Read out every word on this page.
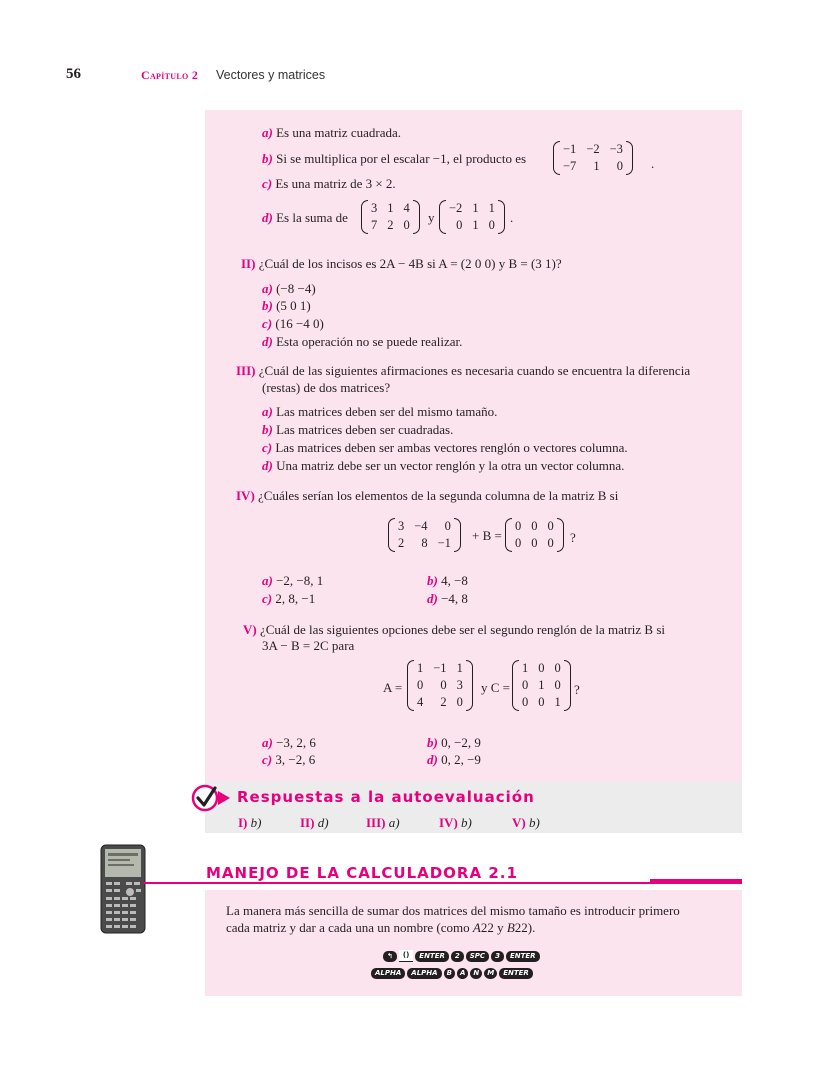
56	Capítulo 2 Vectores y matrices
a) Es una matriz cuadrada.
b) Si se multiplica por el escalar −1, el producto es
−1	−2	−3
−7	1	0 .
c) Es una matriz de 3 × 2.
d) Es la suma de
3	1	4
7	2	0 y
−2	1	1
0	1	0 .
II) ¿Cuál de los incisos es 2A − 4B si A = (2 0 0) y B = (3 1)?
a) (−8 −4)
b) (5 0 1)
c) (16 −4 0)
d) Esta operación no se puede realizar.
III) ¿Cuál de las siguientes afirmaciones es necesaria cuando se encuentra la diferencia
(restas) de dos matrices?
a) Las matrices deben ser del mismo tamaño.
b) Las matrices deben ser cuadradas.
c) Las matrices deben ser ambas vectores renglón o vectores columna.
d) Una matriz debe ser un vector renglón y la otra un vector columna.
IV) ¿Cuáles serían los elementos de la segunda columna de la matriz B si
3	−4	0
2	8	−1 + B =
0	0	0
0	0	0 ?
a) −2, −8, 1	b) 4, −8
c) 2, 8, −1	d) −4, 8
V) ¿Cuál de las siguientes opciones debe ser el segundo renglón de la matriz B si
3A − B = 2C para
A =
1	−1	1
0	0	3
4	2	0
y C =
1	0	0
0	1	0
0	0	1
?
a) −3, 2, 6	b) 0, −2, 9
c) 3, −2, 6	d) 0, 2, −9
Respuestas a la autoevaluación
I) b)	II) d)	III) a)	IV) b)	V) b)
MANEJO DE LA CALCULADORA 2.1
La manera más sencilla de sumar dos matrices del mismo tamaño es introducir primero
cada matriz y dar a cada una un nombre (como A22 y B22).
↰ () ENTER 2 SPC 3 ENTER
ALPHA ALPHA B A N M ENTER
